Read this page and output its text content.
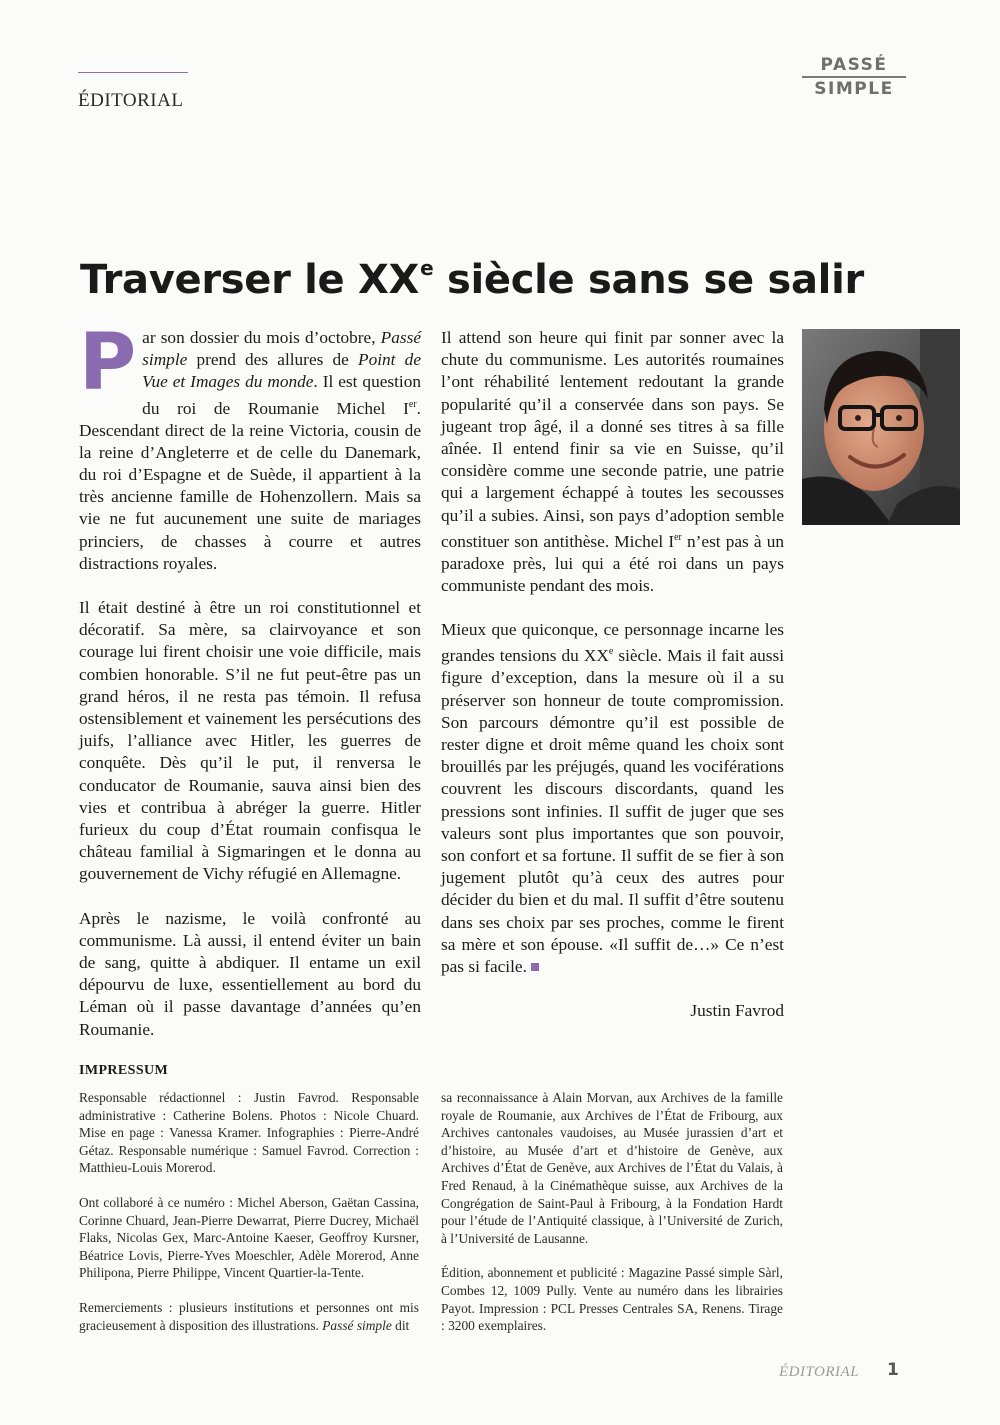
ÉDITORIAL
PASSÉ
SIMPLE
Traverser le XXe siècle sans se salir

Par son dossier du mois d’octobre, Passé simple prend des allures de Point de Vue et Images du monde. Il est question du roi de Roumanie Michel Ier. Descendant direct de la reine Victoria, cousin de la reine d’Angleterre et de celle du Danemark, du roi d’Espagne et de Suède, il appartient à la très ancienne famille de Hohenzollern. Mais sa vie ne fut aucunement une suite de mariages princiers, de chasses à courre et autres distractions royales.

Il était destiné à être un roi constitutionnel et décoratif. Sa mère, sa clairvoyance et son courage lui firent choisir une voie difficile, mais combien honorable. S’il ne fut peut-être pas un grand héros, il ne resta pas témoin. Il refusa ostensiblement et vainement les persécutions des juifs, l’alliance avec Hitler, les guerres de conquête. Dès qu’il le put, il renversa le conducator de Roumanie, sauva ainsi bien des vies et contribua à abréger la guerre. Hitler furieux du coup d’État roumain confisqua le château familial à Sigmaringen et le donna au gouvernement de Vichy réfugié en Allemagne.

Après le nazisme, le voilà confronté au communisme. Là aussi, il entend éviter un bain de sang, quitte à abdiquer. Il entame un exil dépourvu de luxe, essentiellement au bord du Léman où il passe davantage d’années qu’en Roumanie.

Il attend son heure qui finit par sonner avec la chute du communisme. Les autorités roumaines l’ont réhabilité lentement redoutant la grande popularité qu’il a conservée dans son pays. Se jugeant trop âgé, il a donné ses titres à sa fille aînée. Il entend finir sa vie en Suisse, qu’il considère comme une seconde patrie, une patrie qui a largement échappé à toutes les secousses qu’il a subies. Ainsi, son pays d’adoption semble constituer son antithèse. Michel Ier n’est pas à un paradoxe près, lui qui a été roi dans un pays communiste pendant des mois.

Mieux que quiconque, ce personnage incarne les grandes tensions du XXe siècle. Mais il fait aussi figure d’exception, dans la mesure où il a su préserver son honneur de toute compromission. Son parcours démontre qu’il est possible de rester digne et droit même quand les choix sont brouillés par les préjugés, quand les vociférations couvrent les discours discordants, quand les pressions sont infinies. Il suffit de juger que ses valeurs sont plus importantes que son pouvoir, son confort et sa fortune. Il suffit de se fier à son jugement plutôt qu’à ceux des autres pour décider du bien et du mal. Il suffit d’être soutenu dans ses choix par ses proches, comme le firent sa mère et son épouse. «Il suffit de…» Ce n’est pas si facile.

Justin Favrod

IMPRESSUM

Responsable rédactionnel : Justin Favrod. Responsable administrative : Catherine Bolens. Photos : Nicole Chuard. Mise en page : Vanessa Kramer. Infographies : Pierre-André Gétaz. Responsable numérique : Samuel Favrod. Correction : Matthieu-Louis Morerod.

Ont collaboré à ce numéro : Michel Aberson, Gaëtan Cassina, Corinne Chuard, Jean-Pierre Dewarrat, Pierre Ducrey, Michaël Flaks, Nicolas Gex, Marc-Antoine Kaeser, Geoffroy Kursner, Béatrice Lovis, Pierre-Yves Moeschler, Adèle Morerod, Anne Philipona, Pierre Philippe, Vincent Quartier-la-Tente.

Remerciements : plusieurs institutions et personnes ont mis gracieusement à disposition des illustrations. Passé simple dit

sa reconnaissance à Alain Morvan, aux Archives de la famille royale de Roumanie, aux Archives de l’État de Fribourg, aux Archives cantonales vaudoises, au Musée jurassien d’art et d’histoire, au Musée d’art et d’histoire de Genève, aux Archives d’État de Genève, aux Archives de l’État du Valais, à Fred Renaud, à la Cinémathèque suisse, aux Archives de la Congrégation de Saint-Paul à Fribourg, à la Fondation Hardt pour l’étude de l’Antiquité classique, à l’Université de Zurich, à l’Université de Lausanne.

Édition, abonnement et publicité : Magazine Passé simple Sàrl, Combes 12, 1009 Pully. Vente au numéro dans les librairies Payot. Impression : PCL Presses Centrales SA, Renens. Tirage : 3200 exemplaires.

ÉDITORIAL 1
